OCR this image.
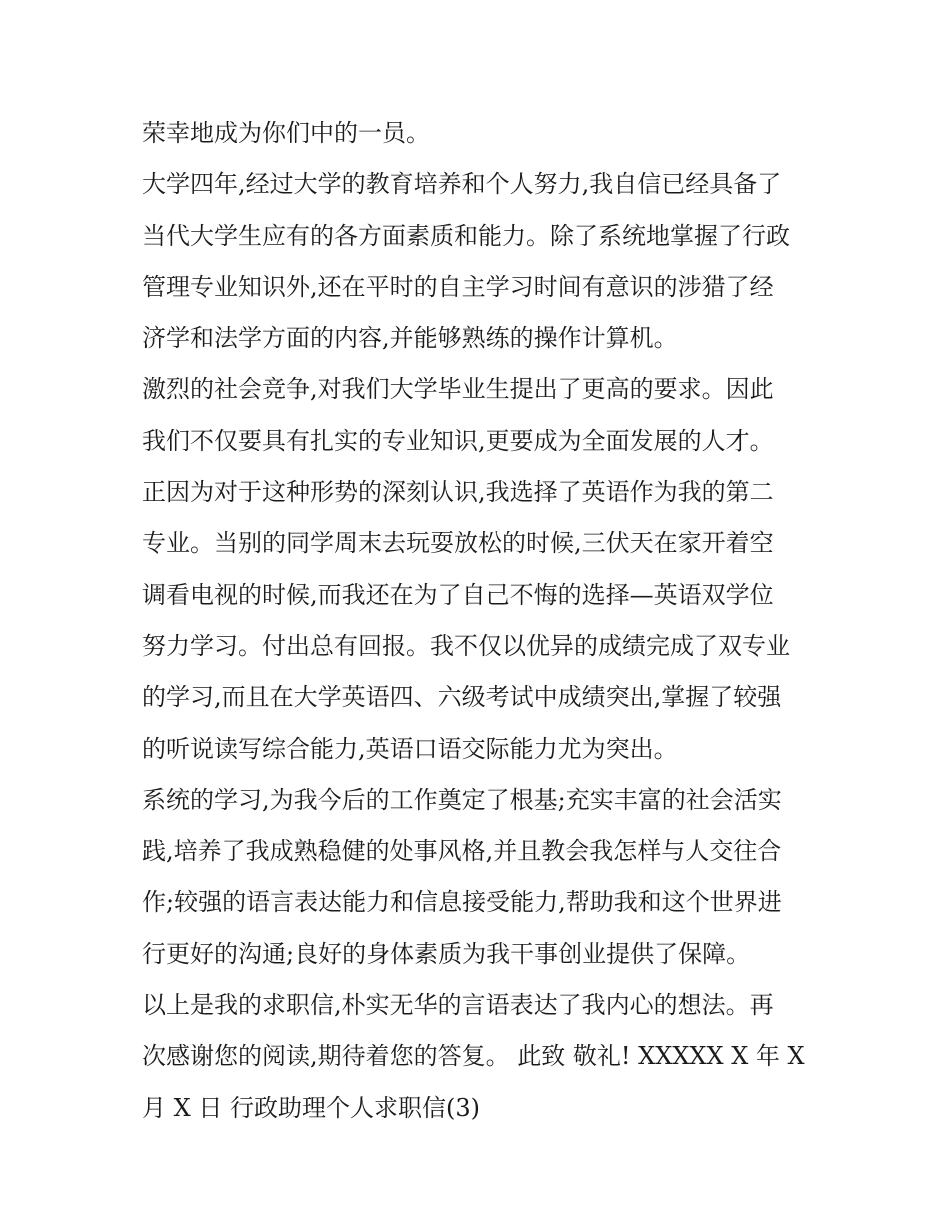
荣幸地成为你们中的一员。
大学四年,经过大学的教育培养和个人努力,我自信已经具备了
当代大学生应有的各方面素质和能力。除了系统地掌握了行政
管理专业知识外,还在平时的自主学习时间有意识的涉猎了经
济学和法学方面的内容,并能够熟练的操作计算机。
激烈的社会竞争,对我们大学毕业生提出了更高的要求。因此
我们不仅要具有扎实的专业知识,更要成为全面发展的人才。
正因为对于这种形势的深刻认识,我选择了英语作为我的第二
专业。当别的同学周末去玩耍放松的时候,三伏天在家开着空
调看电视的时候,而我还在为了自己不悔的选择—英语双学位
努力学习。付出总有回报。我不仅以优异的成绩完成了双专业
的学习,而且在大学英语四、六级考试中成绩突出,掌握了较强
的听说读写综合能力,英语口语交际能力尤为突出。
系统的学习,为我今后的工作奠定了根基;充实丰富的社会活实
践,培养了我成熟稳健的处事风格,并且教会我怎样与人交往合
作;较强的语言表达能力和信息接受能力,帮助我和这个世界进
行更好的沟通;良好的身体素质为我干事创业提供了保障。
以上是我的求职信,朴实无华的言语表达了我内心的想法。再
次感谢您的阅读,期待着您的答复。 此致 敬礼! XXXXX X 年 X
月 X 日 行政助理个人求职信(3)
